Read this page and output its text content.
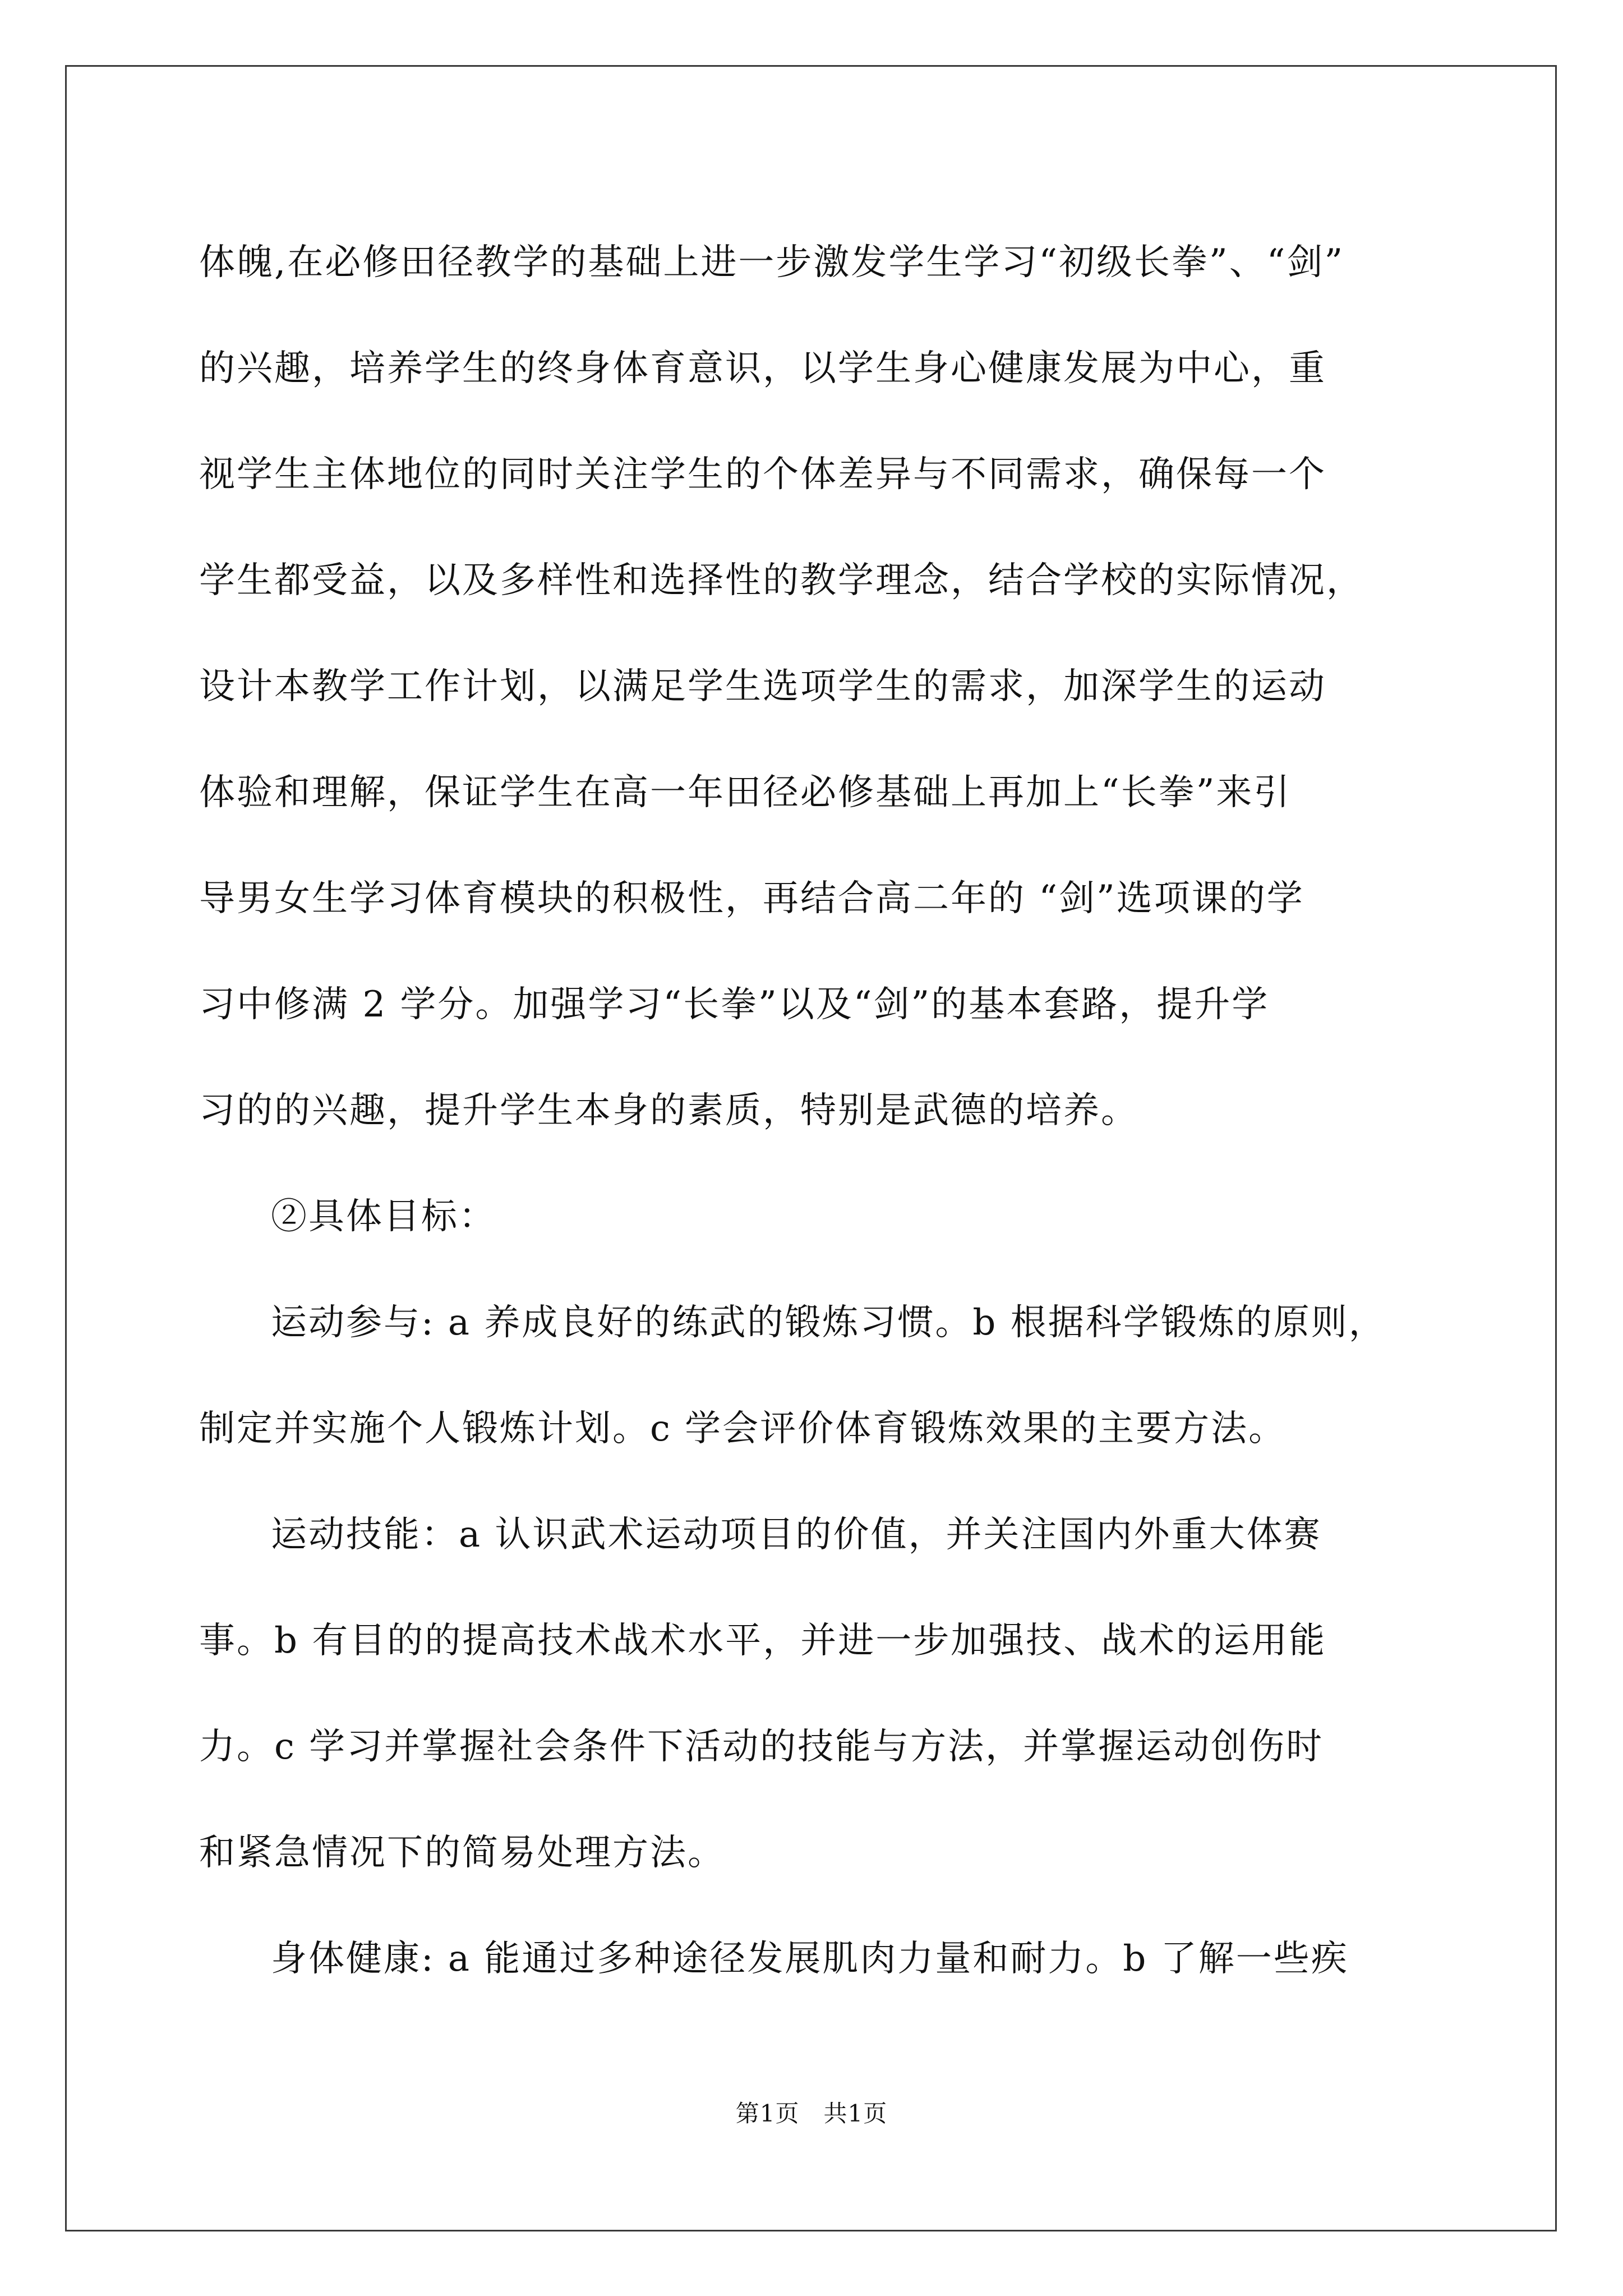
体魄,在必修田径教学的基础上进一步激发学生学习“初级长拳”、“剑”
的兴趣，培养学生的终身体育意识，以学生身心健康发展为中心，重
视学生主体地位的同时关注学生的个体差异与不同需求，确保每一个
学生都受益，以及多样性和选择性的教学理念，结合学校的实际情况，
设计本教学工作计划，以满足学生选项学生的需求，加深学生的运动
体验和理解，保证学生在高一年田径必修基础上再加上“长拳”来引
导男女生学习体育模块的积极性，再结合高二年的 “剑”选项课的学
习中修满 2 学分。加强学习“长拳”以及“剑”的基本套路，提升学
习的的兴趣，提升学生本身的素质，特别是武德的培养。
②具体目标：
运动参与: a 养成良好的练武的锻炼习惯。b 根据科学锻炼的原则，
制定并实施个人锻炼计划。c 学会评价体育锻炼效果的主要方法。
运动技能：a 认识武术运动项目的价值，并关注国内外重大体赛
事。b 有目的的提高技术战术水平，并进一步加强技、战术的运用能
力。c 学习并掌握社会条件下活动的技能与方法，并掌握运动创伤时
和紧急情况下的简易处理方法。
身体健康: a 能通过多种途径发展肌肉力量和耐力。b 了解一些疾
第1页　共1页
